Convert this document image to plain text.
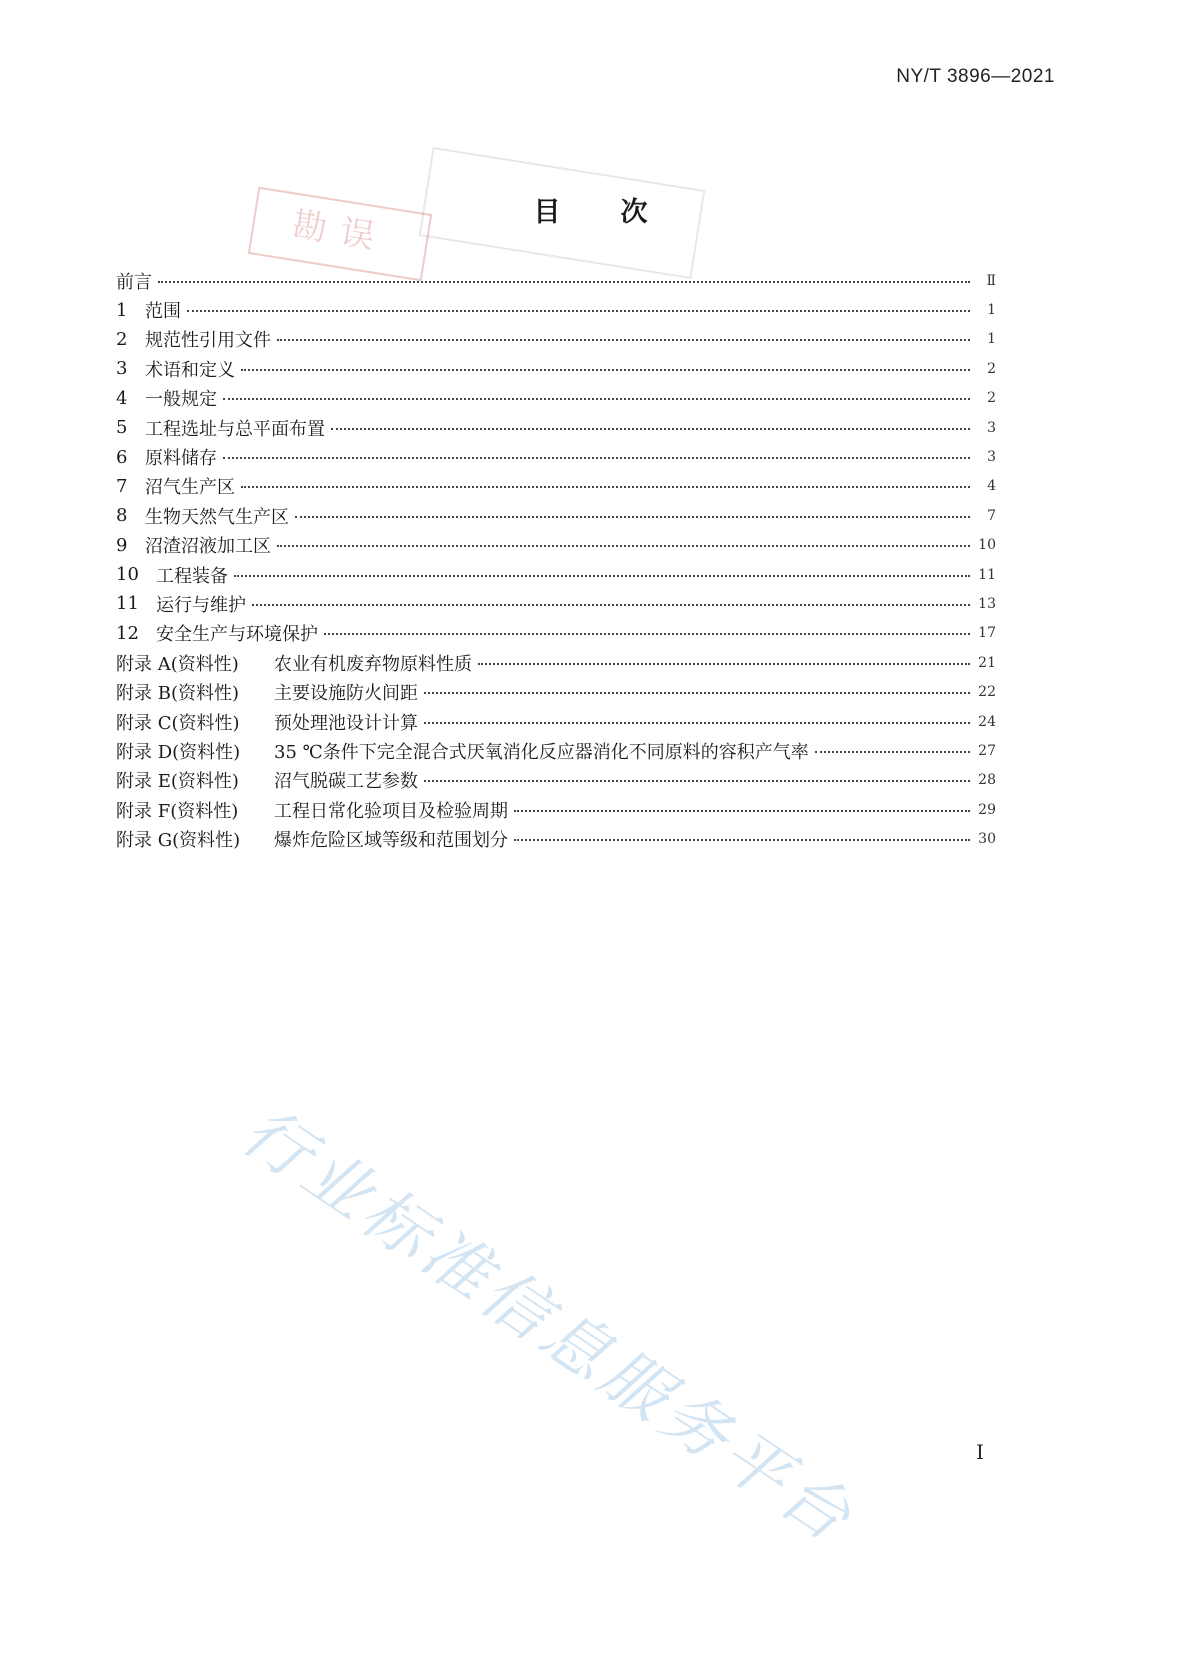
NY/T 3896—2021
勘误	目 次
前言	Ⅱ
1 范围	1
2 规范性引用文件	1
3 术语和定义	2
4 一般规定	2
5 工程选址与总平面布置	3
6 原料储存	3
7 沼气生产区	4
8 生物天然气生产区	7
9 沼渣沼液加工区	10
10 工程装备	11
11 运行与维护	13
12 安全生产与环境保护	17
附录 A(资料性)	农业有机废弃物原料性质	21
附录 B(资料性)	主要设施防火间距	22
附录 C(资料性)	预处理池设计计算	24
附录 D(资料性)	35 ℃条件下完全混合式厌氧消化反应器消化不同原料的容积产气率	27
附录 E(资料性)	沼气脱碳工艺参数	28
附录 F(资料性)	工程日常化验项目及检验周期	29
附录 G(资料性)	爆炸危险区域等级和范围划分	30
行业标准信息服务平台	I
